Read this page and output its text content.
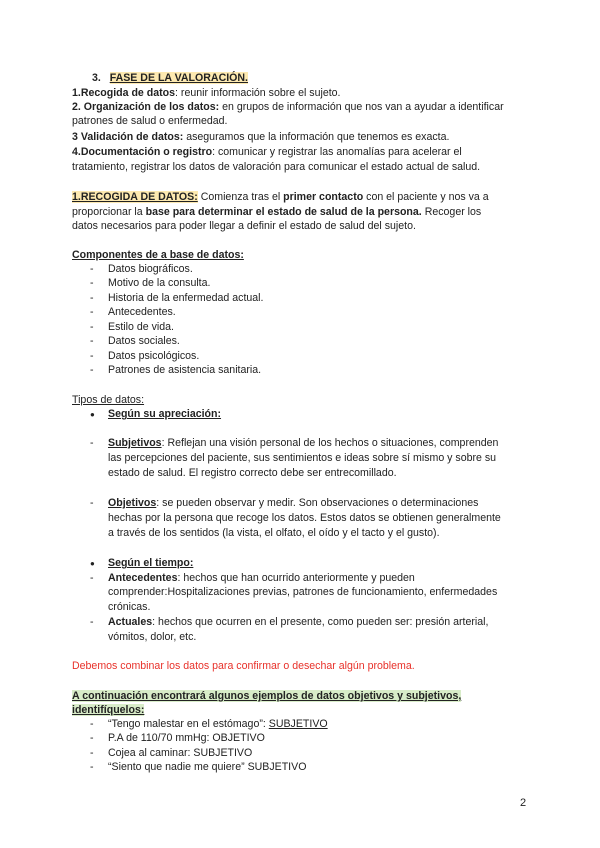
3. FASE DE LA VALORACIÓN.
1.Recogida de datos: reunir información sobre el sujeto.
2. Organización de los datos: en grupos de información que nos van a ayudar a identificar
patrones de salud o enfermedad.
3 Validación de datos: aseguramos que la información que tenemos es exacta.
4.Documentación o registro: comunicar y registrar las anomalías para acelerar el
tratamiento, registrar los datos de valoración para comunicar el estado actual de salud.
1.RECOGIDA DE DATOS: Comienza tras el primer contacto con el paciente y nos va a
proporcionar la base para determinar el estado de salud de la persona. Recoger los
datos necesarios para poder llegar a definir el estado de salud del sujeto.
Componentes de a base de datos:
- Datos biográficos.
- Motivo de la consulta.
- Historia de la enfermedad actual.
- Antecedentes.
- Estilo de vida.
- Datos sociales.
- Datos psicológicos.
- Patrones de asistencia sanitaria.
Tipos de datos:
● Según su apreciación:
- Subjetivos: Reflejan una visión personal de los hechos o situaciones, comprenden
las percepciones del paciente, sus sentimientos e ideas sobre sí mismo y sobre su
estado de salud. El registro correcto debe ser entrecomillado.
- Objetivos: se pueden observar y medir. Son observaciones o determinaciones
hechas por la persona que recoge los datos. Estos datos se obtienen generalmente
a través de los sentidos (la vista, el olfato, el oído y el tacto y el gusto).
● Según el tiempo:
- Antecedentes: hechos que han ocurrido anteriormente y pueden
comprender:Hospitalizaciones previas, patrones de funcionamiento, enfermedades
crónicas.
- Actuales: hechos que ocurren en el presente, como pueden ser: presión arterial,
vómitos, dolor, etc.
Debemos combinar los datos para confirmar o desechar algún problema.
A continuación encontrará algunos ejemplos de datos objetivos y subjetivos,
identifíquelos:
- “Tengo malestar en el estómago”: SUBJETIVO
- P.A de 110/70 mmHg: OBJETIVO
- Cojea al caminar: SUBJETIVO
- “Siento que nadie me quiere” SUBJETIVO
2
